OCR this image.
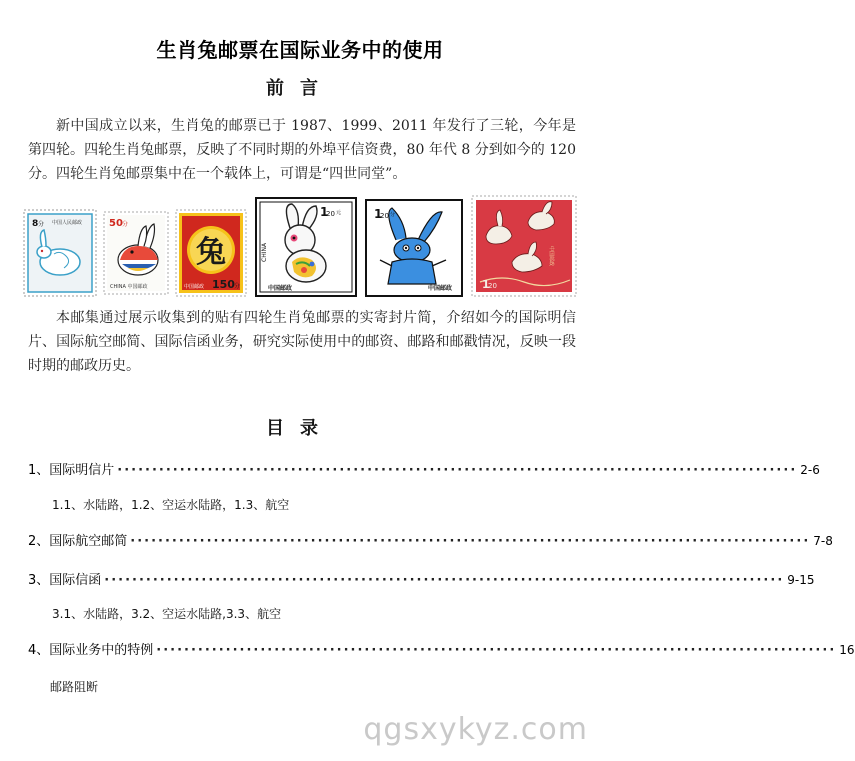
生肖兔邮票在国际业务中的使用
前言
新中国成立以来，生肖兔的邮票已于 1987、1999、2011 年发行了三轮，今年是第四轮。四轮生肖兔邮票，反映了不同时期的外埠平信资费，80 年代 8 分到如今的 120 分。四轮生肖兔邮票集中在一个载体上，可谓是“四世同堂”。
8 分 中国人民邮政	50 分
CHINA 中国邮政
兔
150 分
中国邮政
1
20 元
CHINA
中国邮政
1
20 分
中国邮政	1
20
中国邮政
本邮集通过展示收集到的贴有四轮生肖兔邮票的实寄封片简，介绍如今的国际明信片、国际航空邮简、国际信函业务，研究实际使用中的邮资、邮路和邮戳情况，反映一段时期的邮政历史。
目录
1、国际明信片 ·································································································· 2-6
1.1、水陆路，1.2、空运水陆路，1.3、航空
2、国际航空邮简 ·································································································· 7-8
3、国际信函 ·································································································· 9-15
3.1、水陆路，3.2、空运水陆路,3.3、航空
4、国际业务中的特例 ·································································································· 16
邮路阻断
qgsxykyz.com
